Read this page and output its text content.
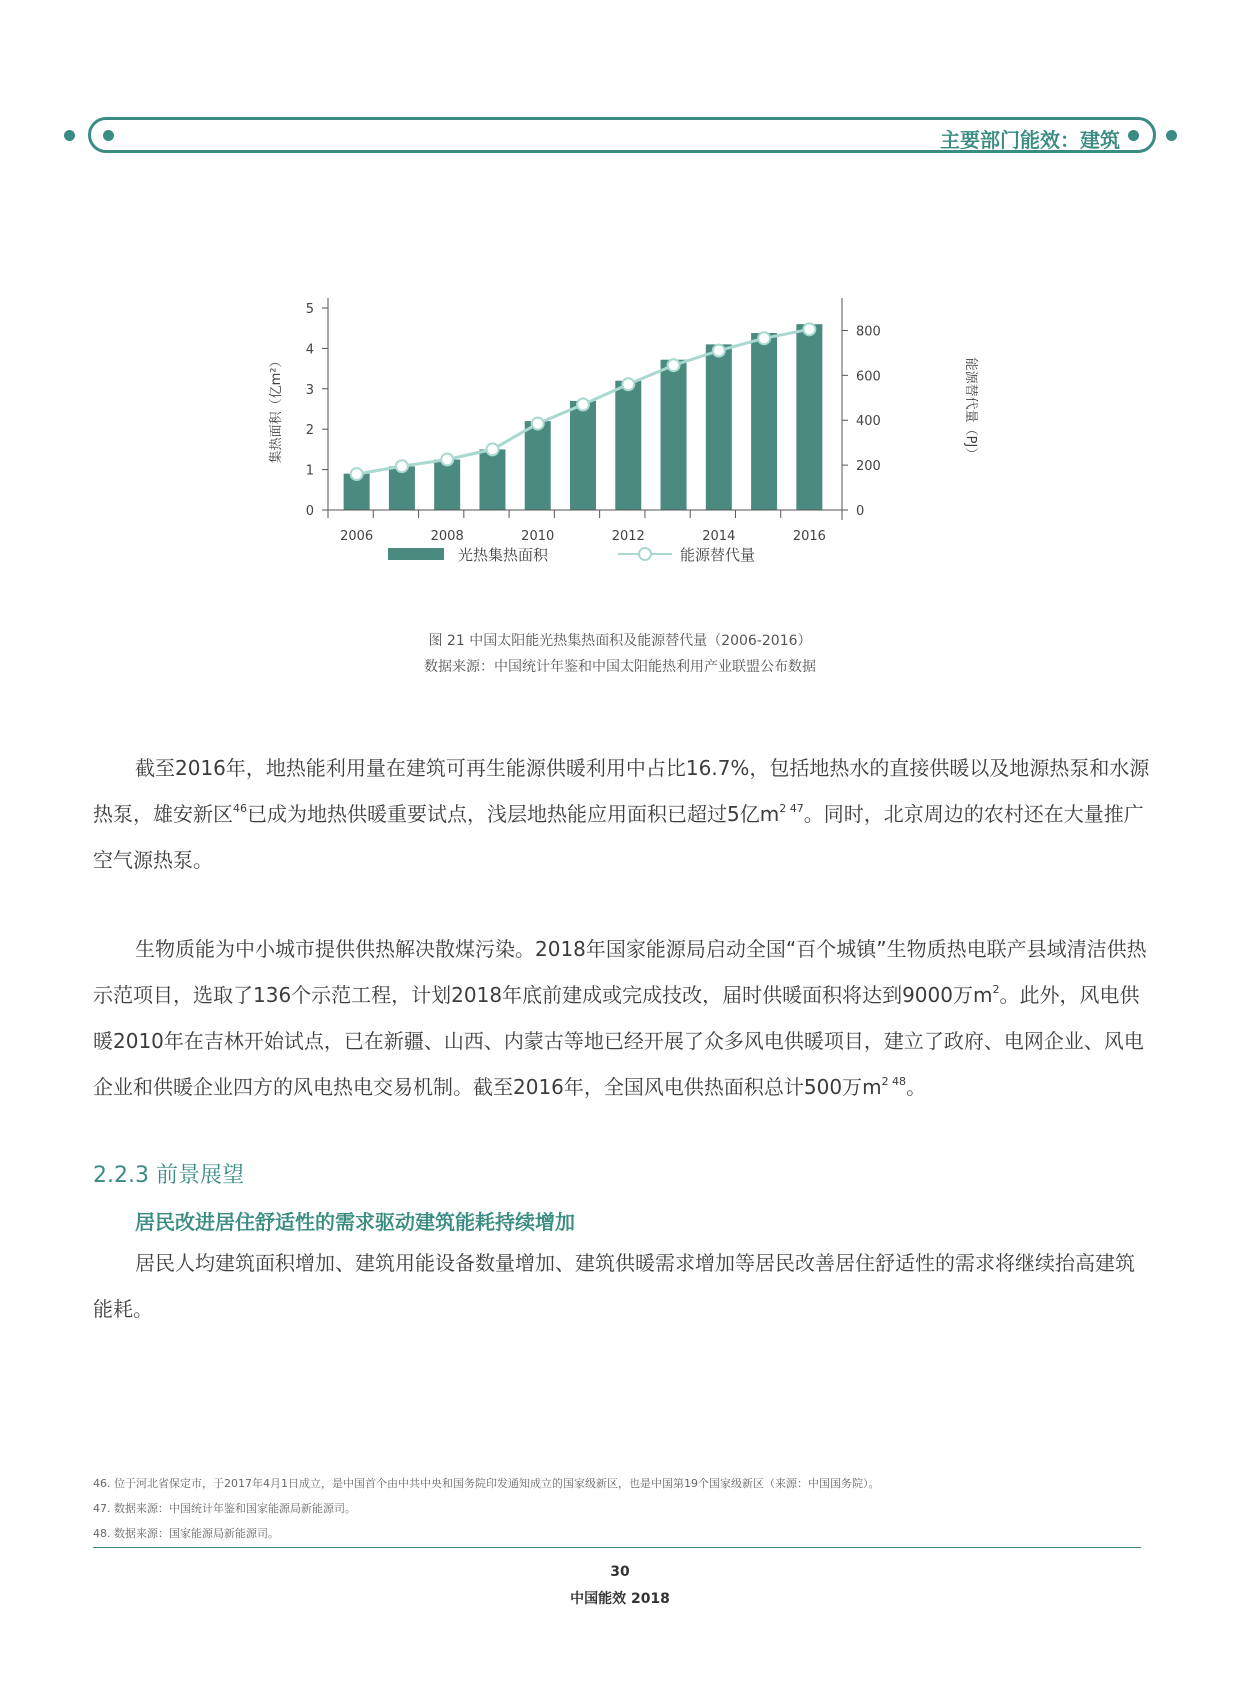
主要部门能效：建筑
0
1
2
3
4
5
0
200
400
600
800
2006	2008	2010	2012	2014	2016
集热面积（亿m²）	能源替代量（PJ）
光热集热面积	能源替代量
图 21 中国太阳能光热集热面积及能源替代量（2006-2016）
数据来源：中国统计年鉴和中国太阳能热利用产业联盟公布数据

截至2016年，地热能利用量在建筑可再生能源供暖利用中占比16.7%，包括地热水的直接供暖以及地源热泵和水源热泵，雄安新区$^{46}$已成为地热供暖重要试点，浅层地热能应用面积已超过5亿$m^{2 47}$。同时，北京周边的农村还在大量推广空气源热泵。

生物质能为中小城市提供供热解决散煤污染。2018年国家能源局启动全国“百个城镇”生物质热电联产县域清洁供热示范项目，选取了136个示范工程，计划2018年底前建成或完成技改，届时供暖面积将达到9000万$m^2$。此外，风电供暖2010年在吉林开始试点，已在新疆、山西、内蒙古等地已经开展了众多风电供暖项目，建立了政府、电网企业、风电企业和供暖企业四方的风电热电交易机制。截至2016年，全国风电供热面积总计500万$m^{2 48}$。

2.2.3 前景展望
居民改进居住舒适性的需求驱动建筑能耗持续增加

居民人均建筑面积增加、建筑用能设备数量增加、建筑供暖需求增加等居民改善居住舒适性的需求将继续抬高建筑能耗。

46. 位于河北省保定市，于2017年4月1日成立，是中国首个由中共中央和国务院印发通知成立的国家级新区，也是中国第19个国家级新区（来源：中国国务院）。
47. 数据来源：中国统计年鉴和国家能源局新能源司。
48. 数据来源：国家能源局新能源司。
30
中国能效 2018
